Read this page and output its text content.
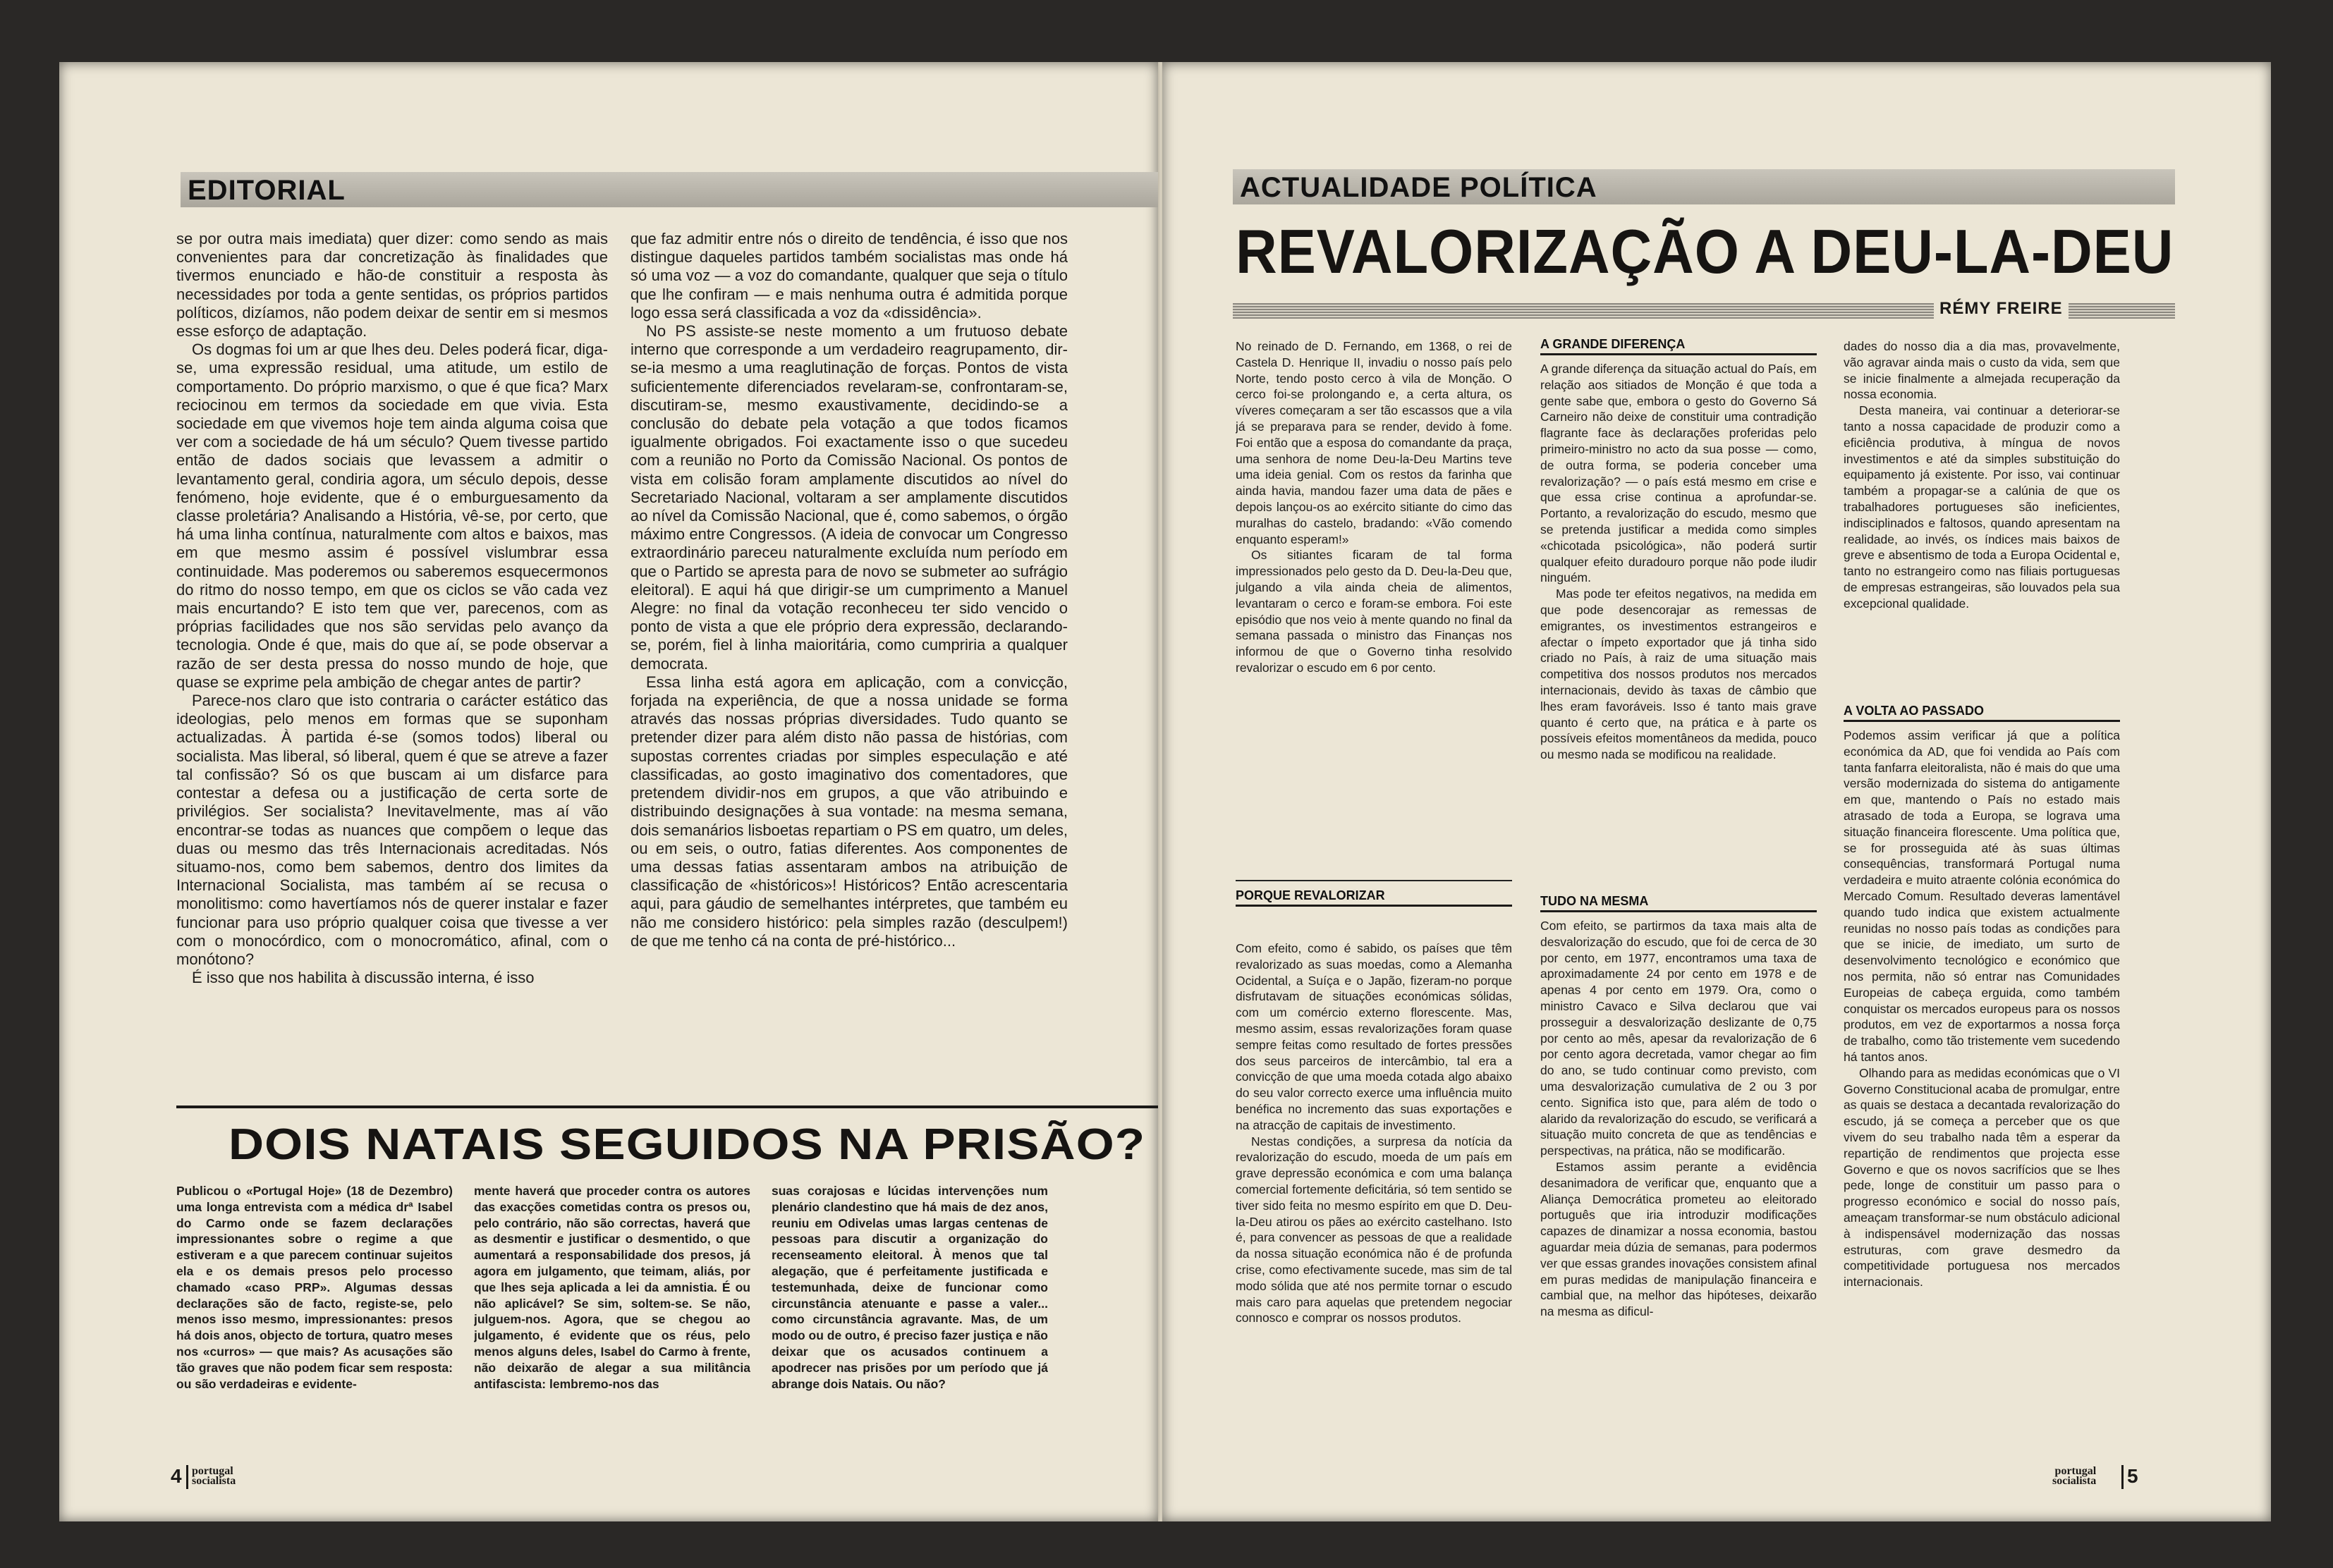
EDITORIAL

se por outra mais imediata) quer dizer: como sendo as mais convenientes para dar concretização às finalidades que tivermos enunciado e hão-de constituir a resposta às necessidades por toda a gente sentidas, os próprios partidos políticos, dizíamos, não podem deixar de sentir em si mesmos esse esforço de adaptação.

Os dogmas foi um ar que lhes deu. Deles poderá ficar, diga-se, uma expressão residual, uma atitude, um estilo de comportamento. Do próprio marxismo, o que é que fica? Marx reciocinou em termos da sociedade em que vivia. Esta sociedade em que vivemos hoje tem ainda alguma coisa que ver com a sociedade de há um século? Quem tivesse partido então de dados sociais que levassem a admitir o levantamento geral, condiria agora, um século depois, desse fenómeno, hoje evidente, que é o emburguesamento da classe proletária? Analisando a História, vê-se, por certo, que há uma linha contínua, naturalmente com altos e baixos, mas em que mesmo assim é possível vislumbrar essa continuidade. Mas poderemos ou saberemos esquecermonos do ritmo do nosso tempo, em que os ciclos se vão cada vez mais encurtando? E isto tem que ver, parecenos, com as próprias facilidades que nos são servidas pelo avanço da tecnologia. Onde é que, mais do que aí, se pode observar a razão de ser desta pressa do nosso mundo de hoje, que quase se exprime pela ambição de chegar antes de partir?

Parece-nos claro que isto contraria o carácter estático das ideologias, pelo menos em formas que se suponham actualizadas. À partida é-se (somos todos) liberal ou socialista. Mas liberal, só liberal, quem é que se atreve a fazer tal confissão? Só os que buscam ai um disfarce para contestar a defesa ou a justificação de certa sorte de privilégios. Ser socialista? Inevitavelmente, mas aí vão encontrar-se todas as nuances que compõem o leque das duas ou mesmo das três Internacionais acreditadas. Nós situamo-nos, como bem sabemos, dentro dos limites da Internacional Socialista, mas também aí se recusa o monolitismo: como havertíamos nós de querer instalar e fazer funcionar para uso próprio qualquer coisa que tivesse a ver com o monocórdico, com o monocromático, afinal, com o monótono?

É isso que nos habilita à discussão interna, é isso

que faz admitir entre nós o direito de tendência, é isso que nos distingue daqueles partidos também socialistas mas onde há só uma voz — a voz do comandante, qualquer que seja o título que lhe confiram — e mais nenhuma outra é admitida porque logo essa será classificada a voz da «dissidência».

No PS assiste-se neste momento a um frutuoso debate interno que corresponde a um verdadeiro reagrupamento, dir-se-ia mesmo a uma reaglutinação de forças. Pontos de vista suficientemente diferenciados revelaram-se, confrontaram-se, discutiram-se, mesmo exaustivamente, decidindo-se a conclusão do debate pela votação a que todos ficamos igualmente obrigados. Foi exactamente isso o que sucedeu com a reunião no Porto da Comissão Nacional. Os pontos de vista em colisão foram amplamente discutidos ao nível do Secretariado Nacional, voltaram a ser amplamente discutidos ao nível da Comissão Nacional, que é, como sabemos, o órgão máximo entre Congressos. (A ideia de convocar um Congresso extraordinário pareceu naturalmente excluída num período em que o Partido se apresta para de novo se submeter ao sufrágio eleitoral). E aqui há que dirigir-se um cumprimento a Manuel Alegre: no final da votação reconheceu ter sido vencido o ponto de vista a que ele próprio dera expressão, declarando-se, porém, fiel à linha maioritária, como cumpriria a qualquer democrata.

Essa linha está agora em aplicação, com a convicção, forjada na experiência, de que a nossa unidade se forma através das nossas próprias diversidades. Tudo quanto se pretender dizer para além disto não passa de histórias, com supostas correntes criadas por simples especulação e até classificadas, ao gosto imaginativo dos comentadores, que pretendem dividir-nos em grupos, a que vão atribuindo e distribuindo designações à sua vontade: na mesma semana, dois semanários lisboetas repartiam o PS em quatro, um deles, ou em seis, o outro, fatias diferentes. Aos componentes de uma dessas fatias assentaram ambos na atribuição de classificação de «históricos»! Históricos? Então acrescentaria aqui, para gáudio de semelhantes intérpretes, que também eu não me considero histórico: pela simples razão (desculpem!) de que me tenho cá na conta de pré-histórico...

DOIS NATAIS SEGUIDOS NA PRISÃO?

Publicou o «Portugal Hoje» (18 de Dezembro) uma longa entrevista com a médica drª Isabel do Carmo onde se fazem declarações impressionantes sobre o regime a que estiveram e a que parecem continuar sujeitos ela e os demais presos pelo processo chamado «caso PRP». Algumas dessas declarações são de facto, registe-se, pelo menos isso mesmo, impressionantes: presos há dois anos, objecto de tortura, quatro meses nos «curros» — que mais? As acusações são tão graves que não podem ficar sem resposta: ou são verdadeiras e evidente-

mente haverá que proceder contra os autores das exacções cometidas contra os presos ou, pelo contrário, não são correctas, haverá que as desmentir e justificar o desmentido, o que aumentará a responsabilidade dos presos, já agora em julgamento, que teimam, aliás, por que lhes seja aplicada a lei da amnistia. É ou não aplicável? Se sim, soltem-se. Se não, julguem-nos. Agora, que se chegou ao julgamento, é evidente que os réus, pelo menos alguns deles, Isabel do Carmo à frente, não deixarão de alegar a sua militância antifascista: lembremo-nos das

suas corajosas e lúcidas intervenções num plenário clandestino que há mais de dez anos, reuniu em Odivelas umas largas centenas de pessoas para discutir a organização do recenseamento eleitoral. À menos que tal alegação, que é perfeitamente justificada e testemunhada, deixe de funcionar como circunstância atenuante e passe a valer... como circunstância agravante. Mas, de um modo ou de outro, é preciso fazer justiça e não deixar que os acusados continuem a apodrecer nas prisões por um período que já abrange dois Natais. Ou não?

4 portugal
socialista
ACTUALIDADE POLÍTICA
REVALORIZAÇÃO A DEU-LA-DEU
RÉMY FREIRE

No reinado de D. Fernando, em 1368, o rei de Castela D. Henrique II, invadiu o nosso país pelo Norte, tendo posto cerco à vila de Monção. O cerco foi-se prolongando e, a certa altura, os víveres começaram a ser tão escassos que a vila já se preparava para se render, devido à fome. Foi então que a esposa do comandante da praça, uma senhora de nome Deu-la-Deu Martins teve uma ideia genial. Com os restos da farinha que ainda havia, mandou fazer uma data de pães e depois lançou-os ao exército sitiante do cimo das muralhas do castelo, bradando: «Vão comendo enquanto esperam!»

Os sitiantes ficaram de tal forma impressionados pelo gesto da D. Deu-la-Deu que, julgando a vila ainda cheia de alimentos, levantaram o cerco e foram-se embora. Foi este episódio que nos veio à mente quando no final da semana passada o ministro das Finanças nos informou de que o Governo tinha resolvido revalorizar o escudo em 6 por cento.

PORQUE REVALORIZAR

Com efeito, como é sabido, os países que têm revalorizado as suas moedas, como a Alemanha Ocidental, a Suíça e o Japão, fizeram-no porque disfrutavam de situações económicas sólidas, com um comércio externo florescente. Mas, mesmo assim, essas revalorizações foram quase sempre feitas como resultado de fortes pressões dos seus parceiros de intercâmbio, tal era a convicção de que uma moeda cotada algo abaixo do seu valor correcto exerce uma influência muito benéfica no incremento das suas exportações e na atracção de capitais de investimento.

Nestas condições, a surpresa da notícia da revalorização do escudo, moeda de um país em grave depressão económica e com uma balança comercial fortemente deficitária, só tem sentido se tiver sido feita no mesmo espírito em que D. Deu-la-Deu atirou os pães ao exército castelhano. Isto é, para convencer as pessoas de que a realidade da nossa situação económica não é de profunda crise, como efectivamente sucede, mas sim de tal modo sólida que até nos permite tornar o escudo mais caro para aquelas que pretendem negociar connosco e comprar os nossos produtos.

A GRANDE DIFERENÇA

A grande diferença da situação actual do País, em relação aos sitiados de Monção é que toda a gente sabe que, embora o gesto do Governo Sá Carneiro não deixe de constituir uma contradição flagrante face às declarações proferidas pelo primeiro-ministro no acto da sua posse — como, de outra forma, se poderia conceber uma revalorização? — o país está mesmo em crise e que essa crise continua a aprofundar-se. Portanto, a revalorização do escudo, mesmo que se pretenda justificar a medida como simples «chicotada psicológica», não poderá surtir qualquer efeito duradouro porque não pode iludir ninguém.

Mas pode ter efeitos negativos, na medida em que pode desencorajar as remessas de emigrantes, os investimentos estrangeiros e afectar o ímpeto exportador que já tinha sido criado no País, à raiz de uma situação mais competitiva dos nossos produtos nos mercados internacionais, devido às taxas de câmbio que lhes eram favoráveis. Isso é tanto mais grave quanto é certo que, na prática e à parte os possíveis efeitos momentâneos da medida, pouco ou mesmo nada se modificou na realidade.

TUDO NA MESMA

Com efeito, se partirmos da taxa mais alta de desvalorização do escudo, que foi de cerca de 30 por cento, em 1977, encontramos uma taxa de aproximadamente 24 por cento em 1978 e de apenas 4 por cento em 1979. Ora, como o ministro Cavaco e Silva declarou que vai prosseguir a desvalorização deslizante de 0,75 por cento ao mês, apesar da revalorização de 6 por cento agora decretada, vamor chegar ao fim do ano, se tudo continuar como previsto, com uma desvalorização cumulativa de 2 ou 3 por cento. Significa isto que, para além de todo o alarido da revalorização do escudo, se verificará a situação muito concreta de que as tendências e perspectivas, na prática, não se modificarão.

Estamos assim perante a evidência desanimadora de verificar que, enquanto que a Aliança Democrática prometeu ao eleitorado português que iria introduzir modificações capazes de dinamizar a nossa economia, bastou aguardar meia dúzia de semanas, para podermos ver que essas grandes inovações consistem afinal em puras medidas de manipulação financeira e cambial que, na melhor das hipóteses, deixarão na mesma as dificul-

dades do nosso dia a dia mas, provavelmente, vão agravar ainda mais o custo da vida, sem que se inicie finalmente a almejada recuperação da nossa economia.

Desta maneira, vai continuar a deteriorar-se tanto a nossa capacidade de produzir como a eficiência produtiva, à míngua de novos investimentos e até da simples substituição do equipamento já existente. Por isso, vai continuar também a propagar-se a calúnia de que os trabalhadores portugueses são ineficientes, indisciplinados e faltosos, quando apresentam na realidade, ao invés, os índices mais baixos de greve e absentismo de toda a Europa Ocidental e, tanto no estrangeiro como nas filiais portuguesas de empresas estrangeiras, são louvados pela sua excepcional qualidade.

A VOLTA AO PASSADO

Podemos assim verificar já que a política económica da AD, que foi vendida ao País com tanta fanfarra eleitoralista, não é mais do que uma versão modernizada do sistema do antigamente em que, mantendo o País no estado mais atrasado de toda a Europa, se lograva uma situação financeira florescente. Uma política que, se for prosseguida até às suas últimas consequências, transformará Portugal numa verdadeira e muito atraente colónia económica do Mercado Comum. Resultado deveras lamentável quando tudo indica que existem actualmente reunidas no nosso país todas as condições para que se inicie, de imediato, um surto de desenvolvimento tecnológico e económico que nos permita, não só entrar nas Comunidades Europeias de cabeça erguida, como também conquistar os mercados europeus para os nossos produtos, em vez de exportarmos a nossa força de trabalho, como tão tristemente vem sucedendo há tantos anos.

Olhando para as medidas económicas que o VI Governo Constitucional acaba de promulgar, entre as quais se destaca a decantada revalorização do escudo, já se começa a perceber que os que vivem do seu trabalho nada têm a esperar da repartição de rendimentos que projecta esse Governo e que os novos sacrifícios que se lhes pede, longe de constituir um passo para o progresso económico e social do nosso país, ameaçam transformar-se num obstáculo adicional à indispensável modernização das nossas estruturas, com grave desmedro da competitividade portuguesa nos mercados internacionais.

portugal
socialista 5
